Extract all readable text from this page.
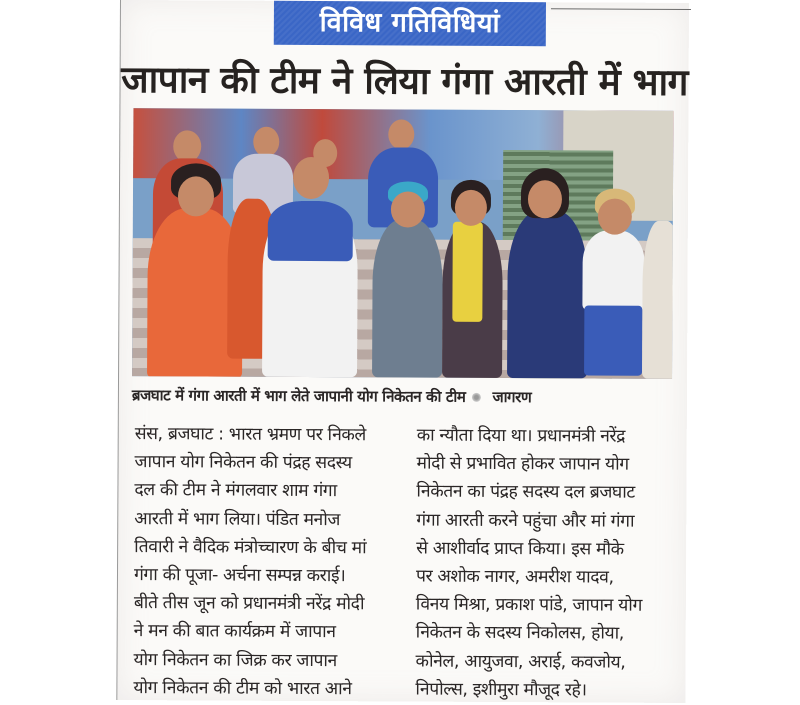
विविध गतिविधियां
जापान की टीम ने लिया गंगा आरती में भाग
ब्रजघाट में गंगा आरती में भाग लेते जापानी योग निकेतन की टीम जागरण
संस, ब्रजघाट : भारत भ्रमण पर निकले
जापान योग निकेतन की पंद्रह सदस्य
दल की टीम ने मंगलवार शाम गंगा
आरती में भाग लिया। पंडित मनोज
तिवारी ने वैदिक मंत्रोच्चारण के बीच मां
गंगा की पूजा- अर्चना सम्पन्न कराई।
बीते तीस जून को प्रधानमंत्री नरेंद्र मोदी
ने मन की बात कार्यक्रम में जापान
योग निकेतन का जिक्र कर जापान
योग निकेतन की टीम को भारत आने
का न्यौता दिया था। प्रधानमंत्री नरेंद्र
मोदी से प्रभावित होकर जापान योग
निकेतन का पंद्रह सदस्य दल ब्रजघाट
गंगा आरती करने पहुंचा और मां गंगा
से आशीर्वाद प्राप्त किया। इस मौके
पर अशोक नागर, अमरीश यादव,
विनय मिश्रा, प्रकाश पांडे, जापान योग
निकेतन के सदस्य निकोलस, होया,
कोनेल, आयुजवा, अराई, कवजोय,
निपोल्स, इशीमुरा मौजूद रहे।
